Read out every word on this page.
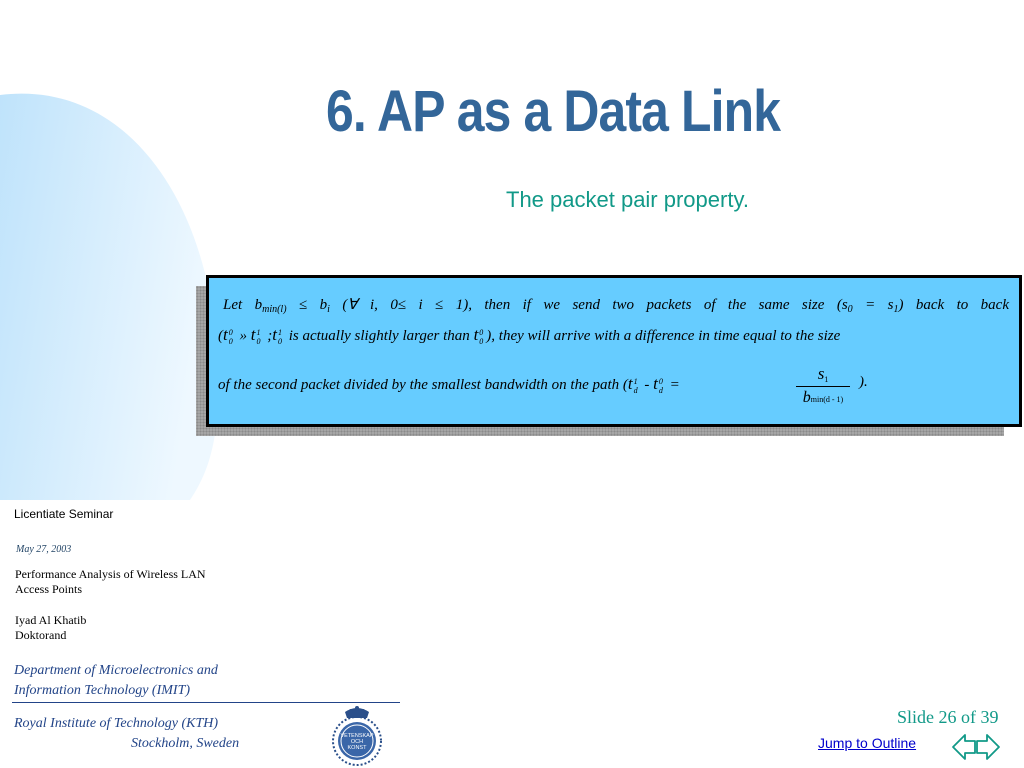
6. AP as a Data Link
The packet pair property.
Let $b_{min(l)} \le b_i$ (∀ i, 0≤ i ≤ 1), then if we send two packets of the same size $(s_0 = s_1)$ back to back
(t 0
0 » t 1
0 ;t 1
0 is actually slightly larger than t 0
0 ), they will arrive with a difference in time equal to the size
of the second packet divided by the smallest bandwidth on the path (t 1
d - t 0
d =
$s_1$
bmin(d - 1)
).
Licentiate Seminar
May 27, 2003
Performance Analysis of Wireless LAN
Access Points
Iyad Al Khatib
Doktorand
Department of Microelectronics and
Information Technology (IMIT)
Royal Institute of Technology (KTH)
Stockholm, Sweden	VETENSKAP
OCH
KONST
Slide 26 of 39
Jump to Outline
